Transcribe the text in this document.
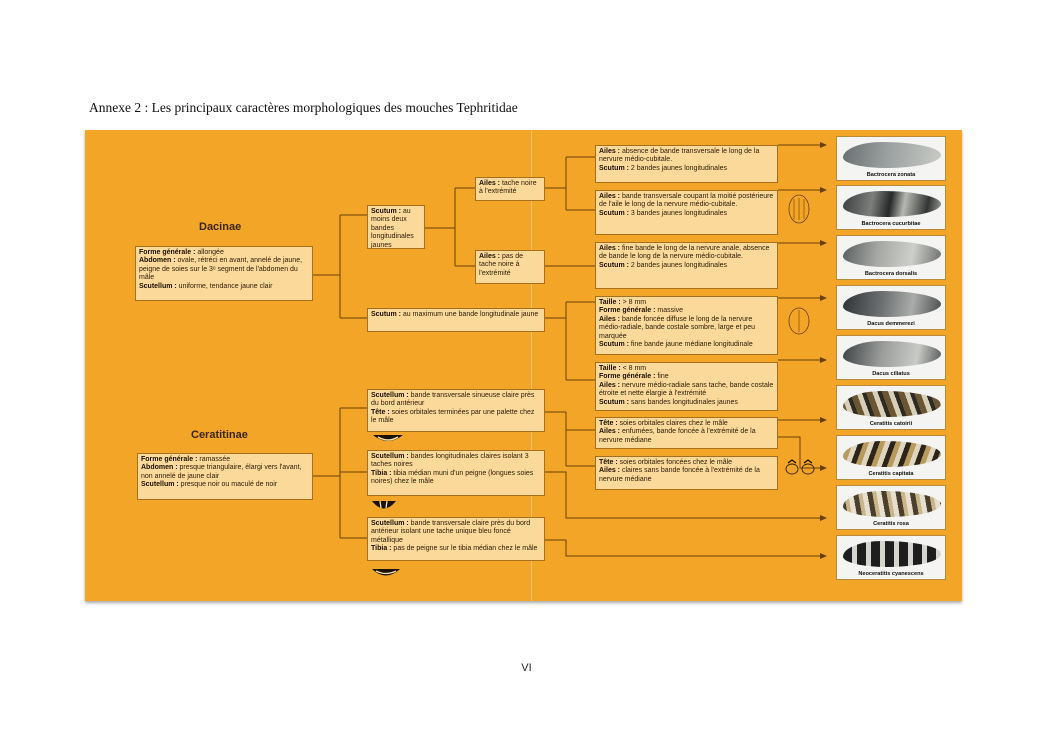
Annexe 2 : Les principaux caractères morphologiques des mouches Tephritidae
Dacinae
Ceratitinae

Forme générale : allongée

Abdomen : ovale, rétréci en avant, annelé de jaune, peigne de soies sur le 3ᵉ segment de l'abdomen du mâle

Scutellum : uniforme, tendance jaune clair

Scutum : au moins deux bandes longitudinales jaunes

Scutum : au maximum une bande longitudinale jaune

Ailes : tache noire à l'extrémité

Ailes : pas de tache noire à l'extrémité

Ailes : absence de bande transversale le long de la nervure médio-cubitale.

Scutum : 2 bandes jaunes longitudinales

Ailes : bande transversale coupant la moitié postérieure de l'aile le long de la nervure médio-cubitale.

Scutum : 3 bandes jaunes longitudinales

Ailes : fine bande le long de la nervure anale, absence de bande le long de la nervure médio-cubitale.

Scutum : 2 bandes jaunes longitudinales

Taille : > 8 mm

Forme générale : massive

Ailes : bande foncée diffuse le long de la nervure médio-radiale, bande costale sombre, large et peu marquée

Scutum : fine bande jaune médiane longitudinale

Taille : < 8 mm

Forme générale : fine

Ailes : nervure médio-radiale sans tache, bande costale étroite et nette élargie à l'extrémité

Scutum : sans bandes longitudinales jaunes

Forme générale : ramassée

Abdomen : presque triangulaire, élargi vers l'avant, non annelé de jaune clair

Scutellum : presque noir ou maculé de noir

Scutellum : bande transversale sinueuse claire près du bord antérieur

Tête : soies orbitales terminées par une palette chez le mâle

Scutellum : bandes longitudinales claires isolant 3 taches noires

Tibia : tibia médian muni d'un peigne (longues soies noires) chez le mâle

Scutellum : bande transversale claire près du bord antérieur isolant une tache unique bleu foncé métallique

Tibia : pas de peigne sur le tibia médian chez le mâle

Tête : soies orbitales claires chez le mâle

Ailes : enfumées, bande foncée à l'extrémité de la nervure médiane

Tête : soies orbitales foncées chez le mâle

Ailes : claires sans bande foncée à l'extrémité de la nervure médiane

Bactrocera zonata
Bactrocera cucurbitae
Bactrocera dorsalis
Dacus demmerezi
Dacus ciliatus
Ceratitis catoirii
Ceratitis capitata
Ceratitis rosa
Neoceratitis cyanescens
VI
